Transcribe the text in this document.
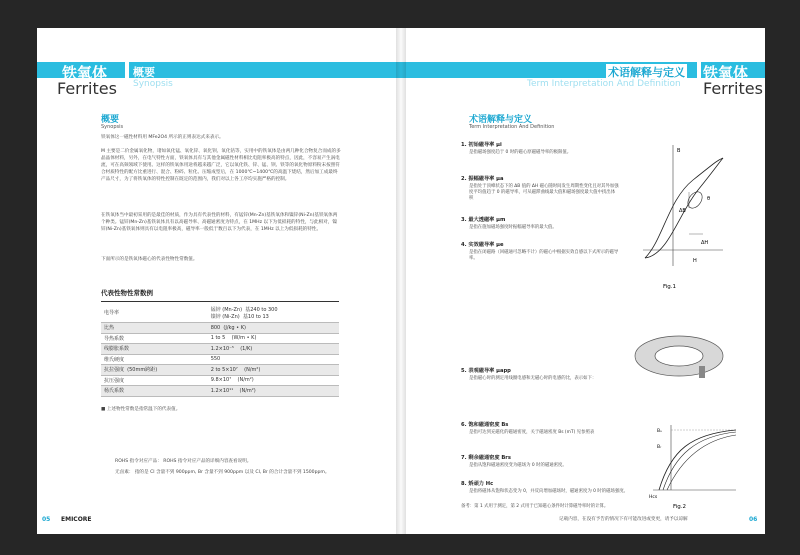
铁氧体
Ferrites
概要
Synopsis
概要
Synopsis
铁氧体这一磁性材料用 MFe2O4 所示的正则表达式来表示。
M 主要是二价金属氧化物，诸如氧化锰、氧化锌、氧化钡、氧化钴等，实用中的铁氧体是由两几种化合物复合而成的多晶晶体材料，另外，在电气特性方面，铁氧体具有与其他金属磁性材料相比电阻率极高的特点，因此，不容易产生涡电流，可在高频领域下使用。这样的铁氧体用途将越来越广泛，它以氧化铁、锌、锰、钡、铁等的氧化物原料粉末按照符合材质特性的配方比重进行、混合、粉碎、粒化、压缩成型后，在 1000℃~1400℃的高温下烧结，然后加工成最终产品尺寸，为了将铁氧体的特性控制在既定的范围内，我们对以上各工序均实施严格的控制。
在铁氧体当中最初采用的是最佳的材质，作为具有代表性的材料，有锰锌(Mn-Zn)基铁氧体和镍锌(Ni-Zn)基铁氧体两个种类。锰锌(Mn-Zn)基铁氧体具有以高磁导率、高磁通密度为特点，在 1MHz 以下为低损耗的特性，与此相对，镍锌(Ni-Zn)基铁氧体则具有以电阻率极高，磁导率一般低于数百以下为代表，在 1MHz 以上为低损耗的特性。
下面所示的是铁氧体磁心的代表性物性常数值。
代表性物性常数例
电导率	锰锌 (Mn-Zn)  基240 to 300
镍锌 (Ni-Zn)  基10 to 13
比热	800  (J/kg • K)
导热系数	1 to 5    (W/m • K)
线膨胀系数	1.2×10⁻⁵    (1/K)
维氏硬度	550
抗拉强度  (50mm跨距)	2 to 5×10⁷    (N/m²)
抗压强度	9.8×10⁷    (N/m²)
杨氏系数	1.2×10¹¹    (N/m²)
■ 上述物性常数是指常温下的代表值。
ROHS 指令对应产品： ROHS 指令对应产品的详细内容查看说明。
无卤素： 指的是 Cl 含量不到 900ppm, Br 含量不到 900ppm 以及 Cl, Br 的合计含量不到 1500ppm。
05 EMICORE
术语解释与定义
Term Interpretation And Definition
铁氧体
Ferrites
术语解释与定义
Term Interpretation And Definition
1. 初始磁导率 μi
是指磁场强度趋于 0 时的磁心原磁磁导率的极限值。
2. 振幅磁导率 μa
是指处于顶峰状态下的 ΔB 值的 ΔH 磁心随时间发生周期性变化且对其外加强度平均值趋于 0 的磁导率，可从磁滞曲线最大值和磁场强度最大值中找出体积
3. 最大透磁率 μm
是指在施加磁场强度时振幅磁导率的最大值。
4. 实效磁导率 μe
是指在闭磁路（回磁通可忽略不计）的磁心中根据实效自感以下式所示的磁导率。
5. 表观磁导率 μapp
是指磁心时的测定用线圈电感和无磁心时的电感的比，表示如下：
6. 饱和磁通密度 Bs
是指可达到充磁化的磁通密度，关于磁通密度 Bs (mT) 见参照表
7. 剩余磁通密度 Brs
是指从饱和磁通密度变为磁场为 0 时的磁通密度。
8. 矫顽力 Hc
是指将磁体从饱和状态变为 0，并反向增加磁场时，磁通密度为 0 时的磁场强度。
备考：第 1 式用于测定，第 2 式用于已知磁心条件时计算磁导率时的计算。
B
θ
ΔB
H
ΔH
Fig.1
Bₛ
Bᵣ
Hcs
Fig.2
记载内容，在没有予告的情况下有可能改进或变更，请予以谅解	06
